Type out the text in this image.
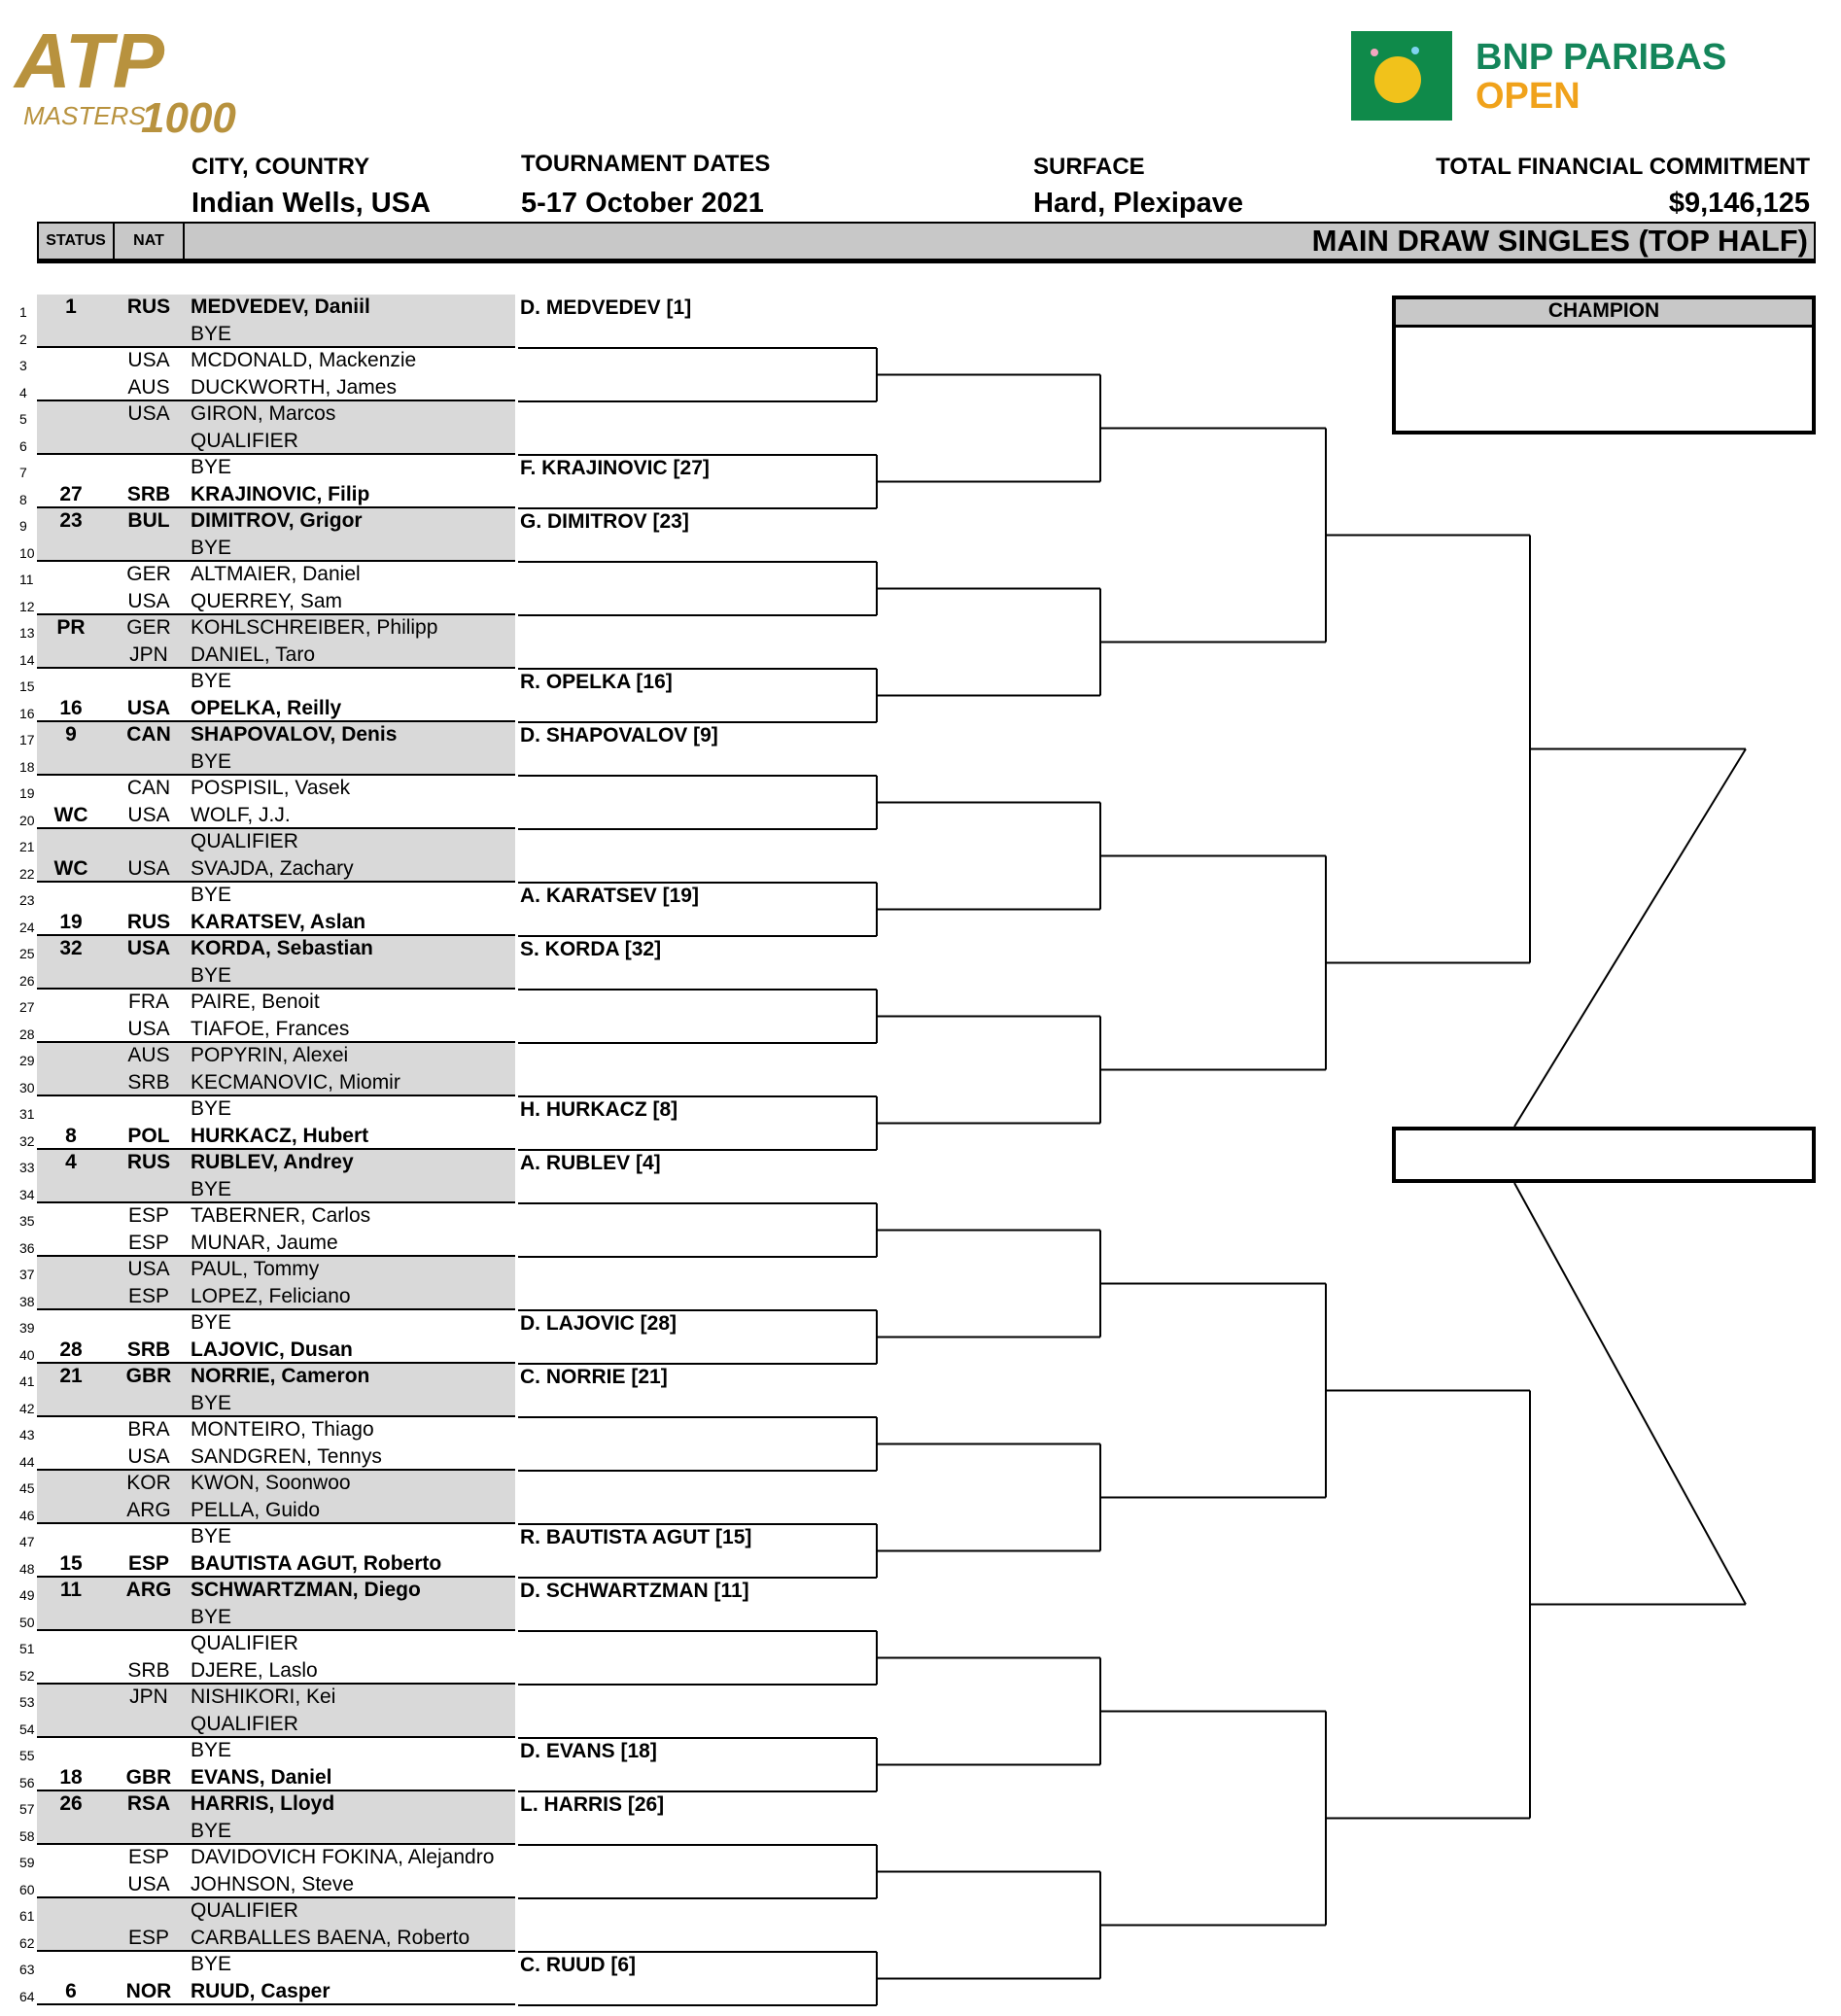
ATP
MASTERS
1000
BNP PARIBAS
OPEN
CITY, COUNTRY
Indian Wells, USA
TOURNAMENT DATES
5-17 October 2021
SURFACE
Hard, Plexipave
TOTAL FINANCIAL COMMITMENT
$9,146,125
STATUS	NAT	MAIN DRAW SINGLES (TOP HALF)
1	1	RUS MEDVEDEV, Daniil
2	BYE
3	USA MCDONALD, Mackenzie
4	AUS DUCKWORTH, James
5	USA GIRON, Marcos
6	QUALIFIER
7	BYE
8	27	SRB KRAJINOVIC, Filip
9	23	BUL DIMITROV, Grigor
10	BYE
11	GER ALTMAIER, Daniel
12	USA QUERREY, Sam
13	PR	GER KOHLSCHREIBER, Philipp
14	JPN DANIEL, Taro
15	BYE
16	16	USA OPELKA, Reilly
17	9	CAN SHAPOVALOV, Denis
18	BYE
19	CAN POSPISIL, Vasek
20 WC	USA WOLF, J.J.
21	QUALIFIER
22 WC	USA SVAJDA, Zachary
23	BYE
24	19	RUS KARATSEV, Aslan
25	32	USA KORDA, Sebastian
26	BYE
27	FRA PAIRE, Benoit
28	USA TIAFOE, Frances
29	AUS POPYRIN, Alexei
30	SRB KECMANOVIC, Miomir
31	BYE
32	8	POL HURKACZ, Hubert
33	4	RUS RUBLEV, Andrey
34	BYE
35	ESP TABERNER, Carlos
36	ESP MUNAR, Jaume
37	USA PAUL, Tommy
38	ESP LOPEZ, Feliciano
39	BYE
40	28	SRB LAJOVIC, Dusan
41	21	GBR NORRIE, Cameron
42	BYE
43	BRA MONTEIRO, Thiago
44	USA SANDGREN, Tennys
45	KOR KWON, Soonwoo
46	ARG PELLA, Guido
47	BYE
48	15	ESP BAUTISTA AGUT, Roberto
49	11	ARG SCHWARTZMAN, Diego
50	BYE
51	QUALIFIER
52	SRB DJERE, Laslo
53	JPN NISHIKORI, Kei
54	QUALIFIER
55	BYE
56	18	GBR EVANS, Daniel
57	26	RSA HARRIS, Lloyd
58	BYE
59	ESP DAVIDOVICH FOKINA, Alejandro
60	USA JOHNSON, Steve
61	QUALIFIER
62	ESP CARBALLES BAENA, Roberto
63	BYE
64	6	NOR RUUD, Casper
D. MEDVEDEV [1]
F. KRAJINOVIC [27]
G. DIMITROV [23]
R. OPELKA [16]
D. SHAPOVALOV [9]
A. KARATSEV [19]
S. KORDA [32]
H. HURKACZ [8]
A. RUBLEV [4]
D. LAJOVIC [28]
C. NORRIE [21]
R. BAUTISTA AGUT [15]
D. SCHWARTZMAN [11]
D. EVANS [18]
L. HARRIS [26]
C. RUUD [6]
CHAMPION
